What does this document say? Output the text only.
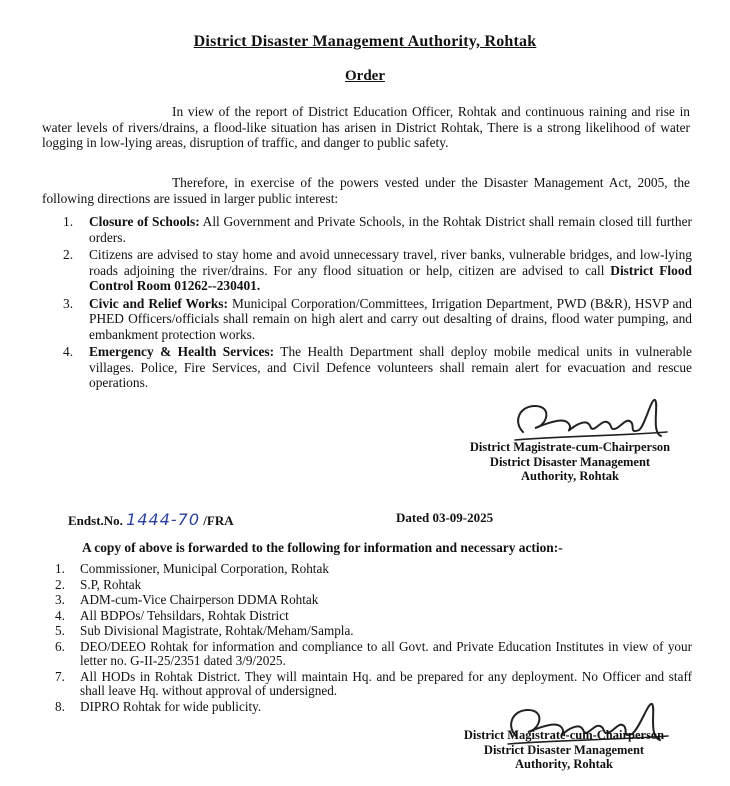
District Disaster Management Authority, Rohtak
Order

In view of the report of District Education Officer, Rohtak and continuous raining and rise in water levels of rivers/drains, a flood-like situation has arisen in District Rohtak, There is a strong likelihood of water logging in low-lying areas, disruption of traffic, and danger to public safety.

Therefore, in exercise of the powers vested under the Disaster Management Act, 2005, the following directions are issued in larger public interest:

1. Closure of Schools: All Government and Private Schools, in the Rohtak District shall remain closed till further orders.
2. Citizens are advised to stay home and avoid unnecessary travel, river banks, vulnerable bridges, and low-lying roads adjoining the river/drains. For any flood situation or help, citizen are advised to call District Flood Control Room 01262--230401.
3. Civic and Relief Works: Municipal Corporation/Committees, Irrigation Department, PWD (B&R), HSVP and PHED Officers/officials shall remain on high alert and carry out desalting of drains, flood water pumping, and embankment protection works.
4. Emergency & Health Services: The Health Department shall deploy mobile medical units in vulnerable villages. Police, Fire Services, and Civil Defence volunteers shall remain alert for evacuation and rescue operations.
District Magistrate-cum-Chairperson
District Disaster Management
Authority, Rohtak
Endst.No. 1444-70 /FRA	Dated 03-09-2025
A copy of above is forwarded to the following for information and necessary action:-
1. Commissioner, Municipal Corporation, Rohtak
2. S.P, Rohtak
3. ADM-cum-Vice Chairperson DDMA Rohtak
4. All BDPOs/ Tehsildars, Rohtak District
5. Sub Divisional Magistrate, Rohtak/Meham/Sampla.
6. DEO/DEEO Rohtak for information and compliance to all Govt. and Private Education Institutes in view of your letter no. G-II-25/2351 dated 3/9/2025.
7. All HODs in Rohtak District. They will maintain Hq. and be prepared for any deployment. No Officer and staff shall leave Hq. without approval of undersigned.
8. DIPRO Rohtak for wide publicity.
District Magistrate-cum-Chairperson
District Disaster Management
Authority, Rohtak
